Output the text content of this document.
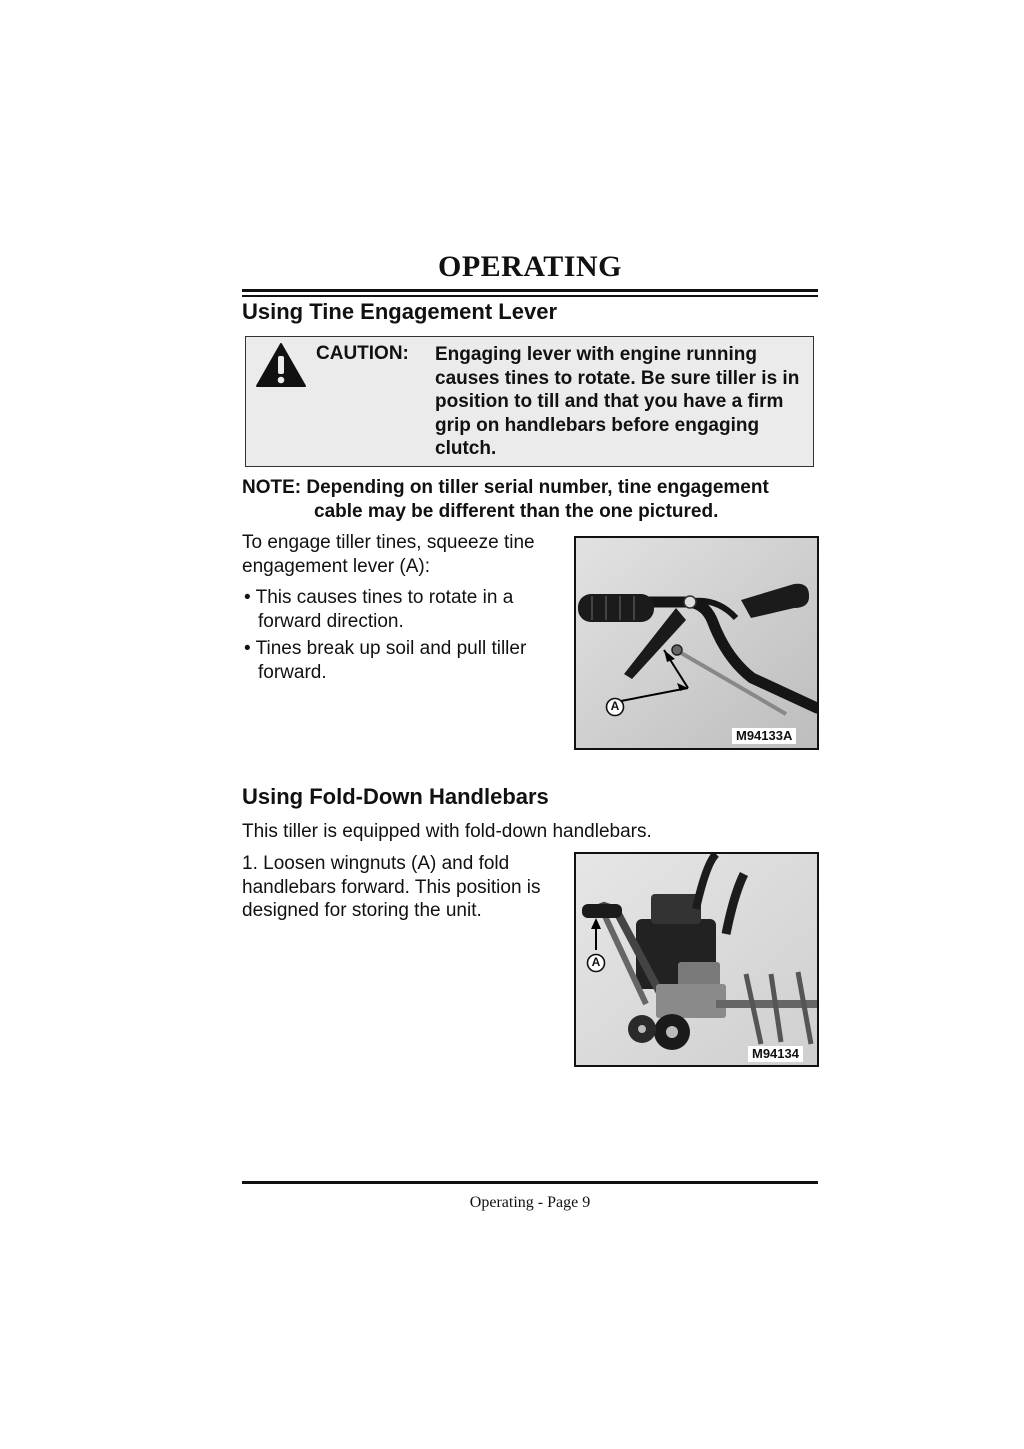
OPERATING
Using Tine Engagement Lever
CAUTION: Engaging lever with engine running causes tines to rotate. Be sure tiller is in position to till and that you have a firm grip on handlebars before engaging clutch.
NOTE: Depending on tiller serial number, tine engagement
cable may be different than the one pictured.
To engage tiller tines, squeeze tine engagement lever (A):
• This causes tines to rotate in a forward direction.
• Tines break up soil and pull tiller forward.
A
M94133A
Using Fold-Down Handlebars
This tiller is equipped with fold-down handlebars.
1. Loosen wingnuts (A) and fold handlebars forward. This position is designed for storing the unit.
A
M94134
Operating - Page 9
